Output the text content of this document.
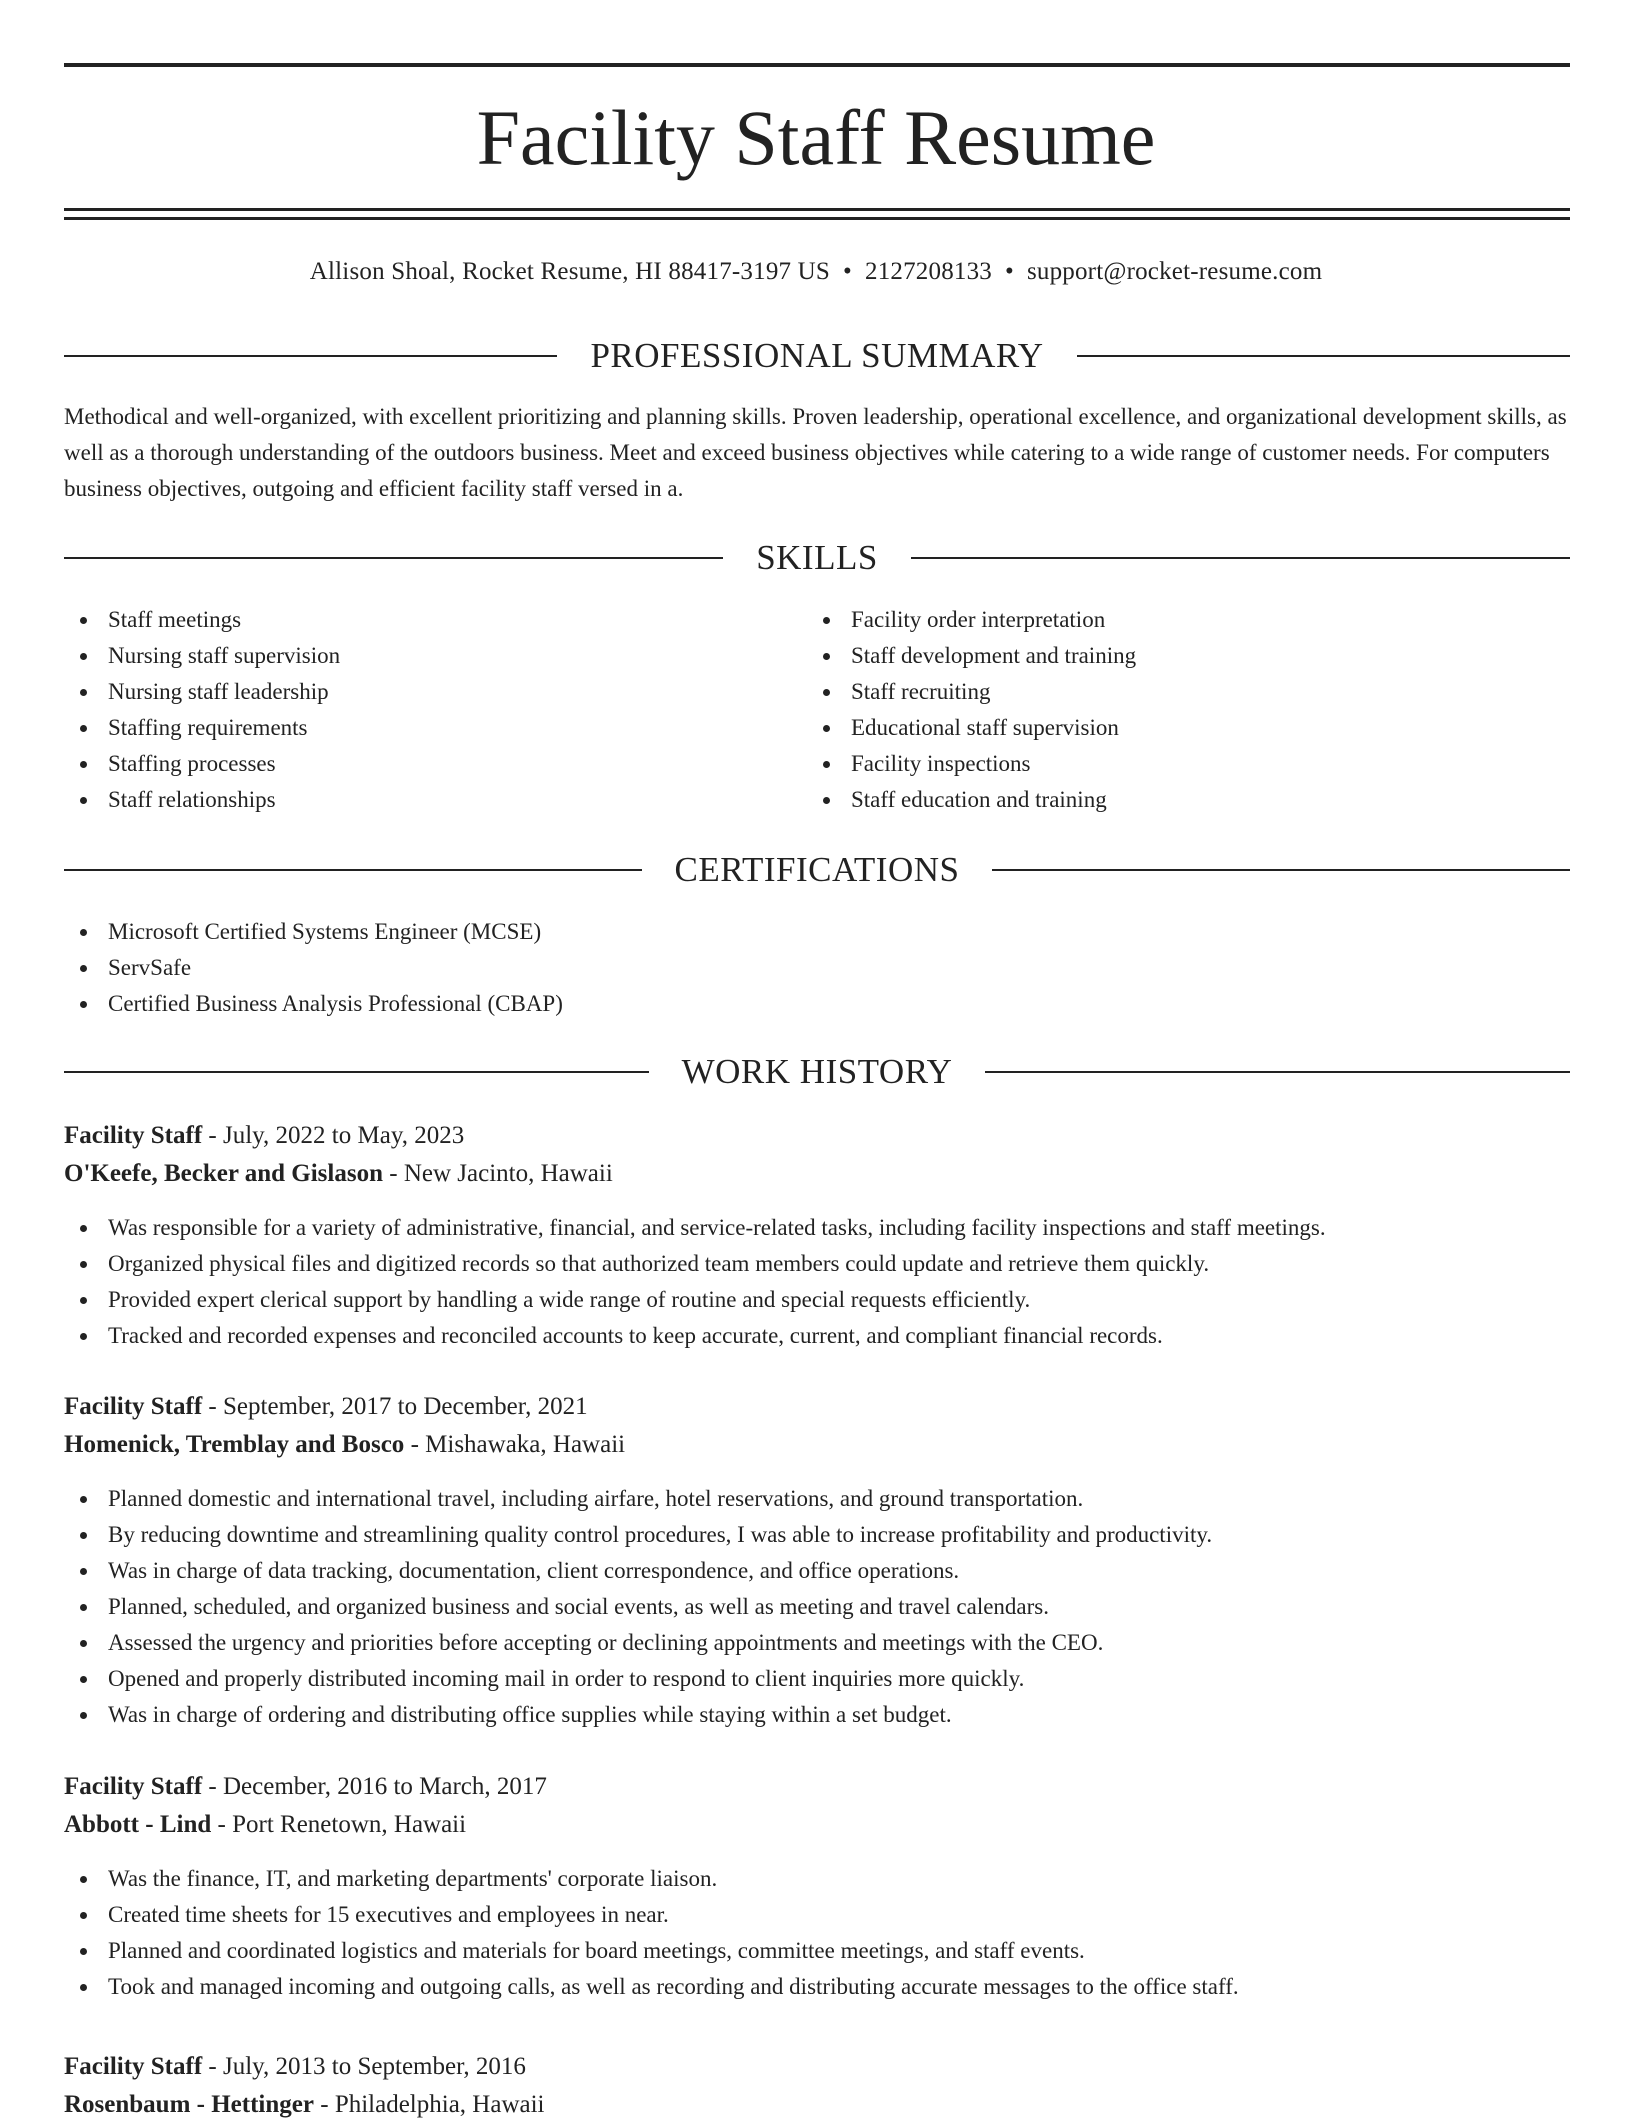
Facility Staff Resume
Allison Shoal, Rocket Resume, HI 88417-3197 US • 2127208133 • support@rocket-resume.com
PROFESSIONAL SUMMARY

Methodical and well-organized, with excellent prioritizing and planning skills. Proven leadership, operational excellence, and organizational development skills, as well as a thorough understanding of the outdoors business. Meet and exceed business objectives while catering to a wide range of customer needs. For computers business objectives, outgoing and efficient facility staff versed in a.

SKILLS
Staff meetings
Nursing staff supervision
Nursing staff leadership
Staffing requirements
Staffing processes
Staff relationships
Facility order interpretation
Staff development and training
Staff recruiting
Educational staff supervision
Facility inspections
Staff education and training
CERTIFICATIONS
Microsoft Certified Systems Engineer (MCSE)
ServSafe
Certified Business Analysis Professional (CBAP)
WORK HISTORY
Facility Staff - July, 2022 to May, 2023
O'Keefe, Becker and Gislason - New Jacinto, Hawaii
Was responsible for a variety of administrative, financial, and service-related tasks, including facility inspections and staff meetings.
Organized physical files and digitized records so that authorized team members could update and retrieve them quickly.
Provided expert clerical support by handling a wide range of routine and special requests efficiently.
Tracked and recorded expenses and reconciled accounts to keep accurate, current, and compliant financial records.
Facility Staff - September, 2017 to December, 2021
Homenick, Tremblay and Bosco - Mishawaka, Hawaii
Planned domestic and international travel, including airfare, hotel reservations, and ground transportation.
By reducing downtime and streamlining quality control procedures, I was able to increase profitability and productivity.
Was in charge of data tracking, documentation, client correspondence, and office operations.
Planned, scheduled, and organized business and social events, as well as meeting and travel calendars.
Assessed the urgency and priorities before accepting or declining appointments and meetings with the CEO.
Opened and properly distributed incoming mail in order to respond to client inquiries more quickly.
Was in charge of ordering and distributing office supplies while staying within a set budget.
Facility Staff - December, 2016 to March, 2017
Abbott - Lind - Port Renetown, Hawaii
Was the finance, IT, and marketing departments' corporate liaison.
Created time sheets for 15 executives and employees in near.
Planned and coordinated logistics and materials for board meetings, committee meetings, and staff events.
Took and managed incoming and outgoing calls, as well as recording and distributing accurate messages to the office staff.
Facility Staff - July, 2013 to September, 2016
Rosenbaum - Hettinger - Philadelphia, Hawaii
